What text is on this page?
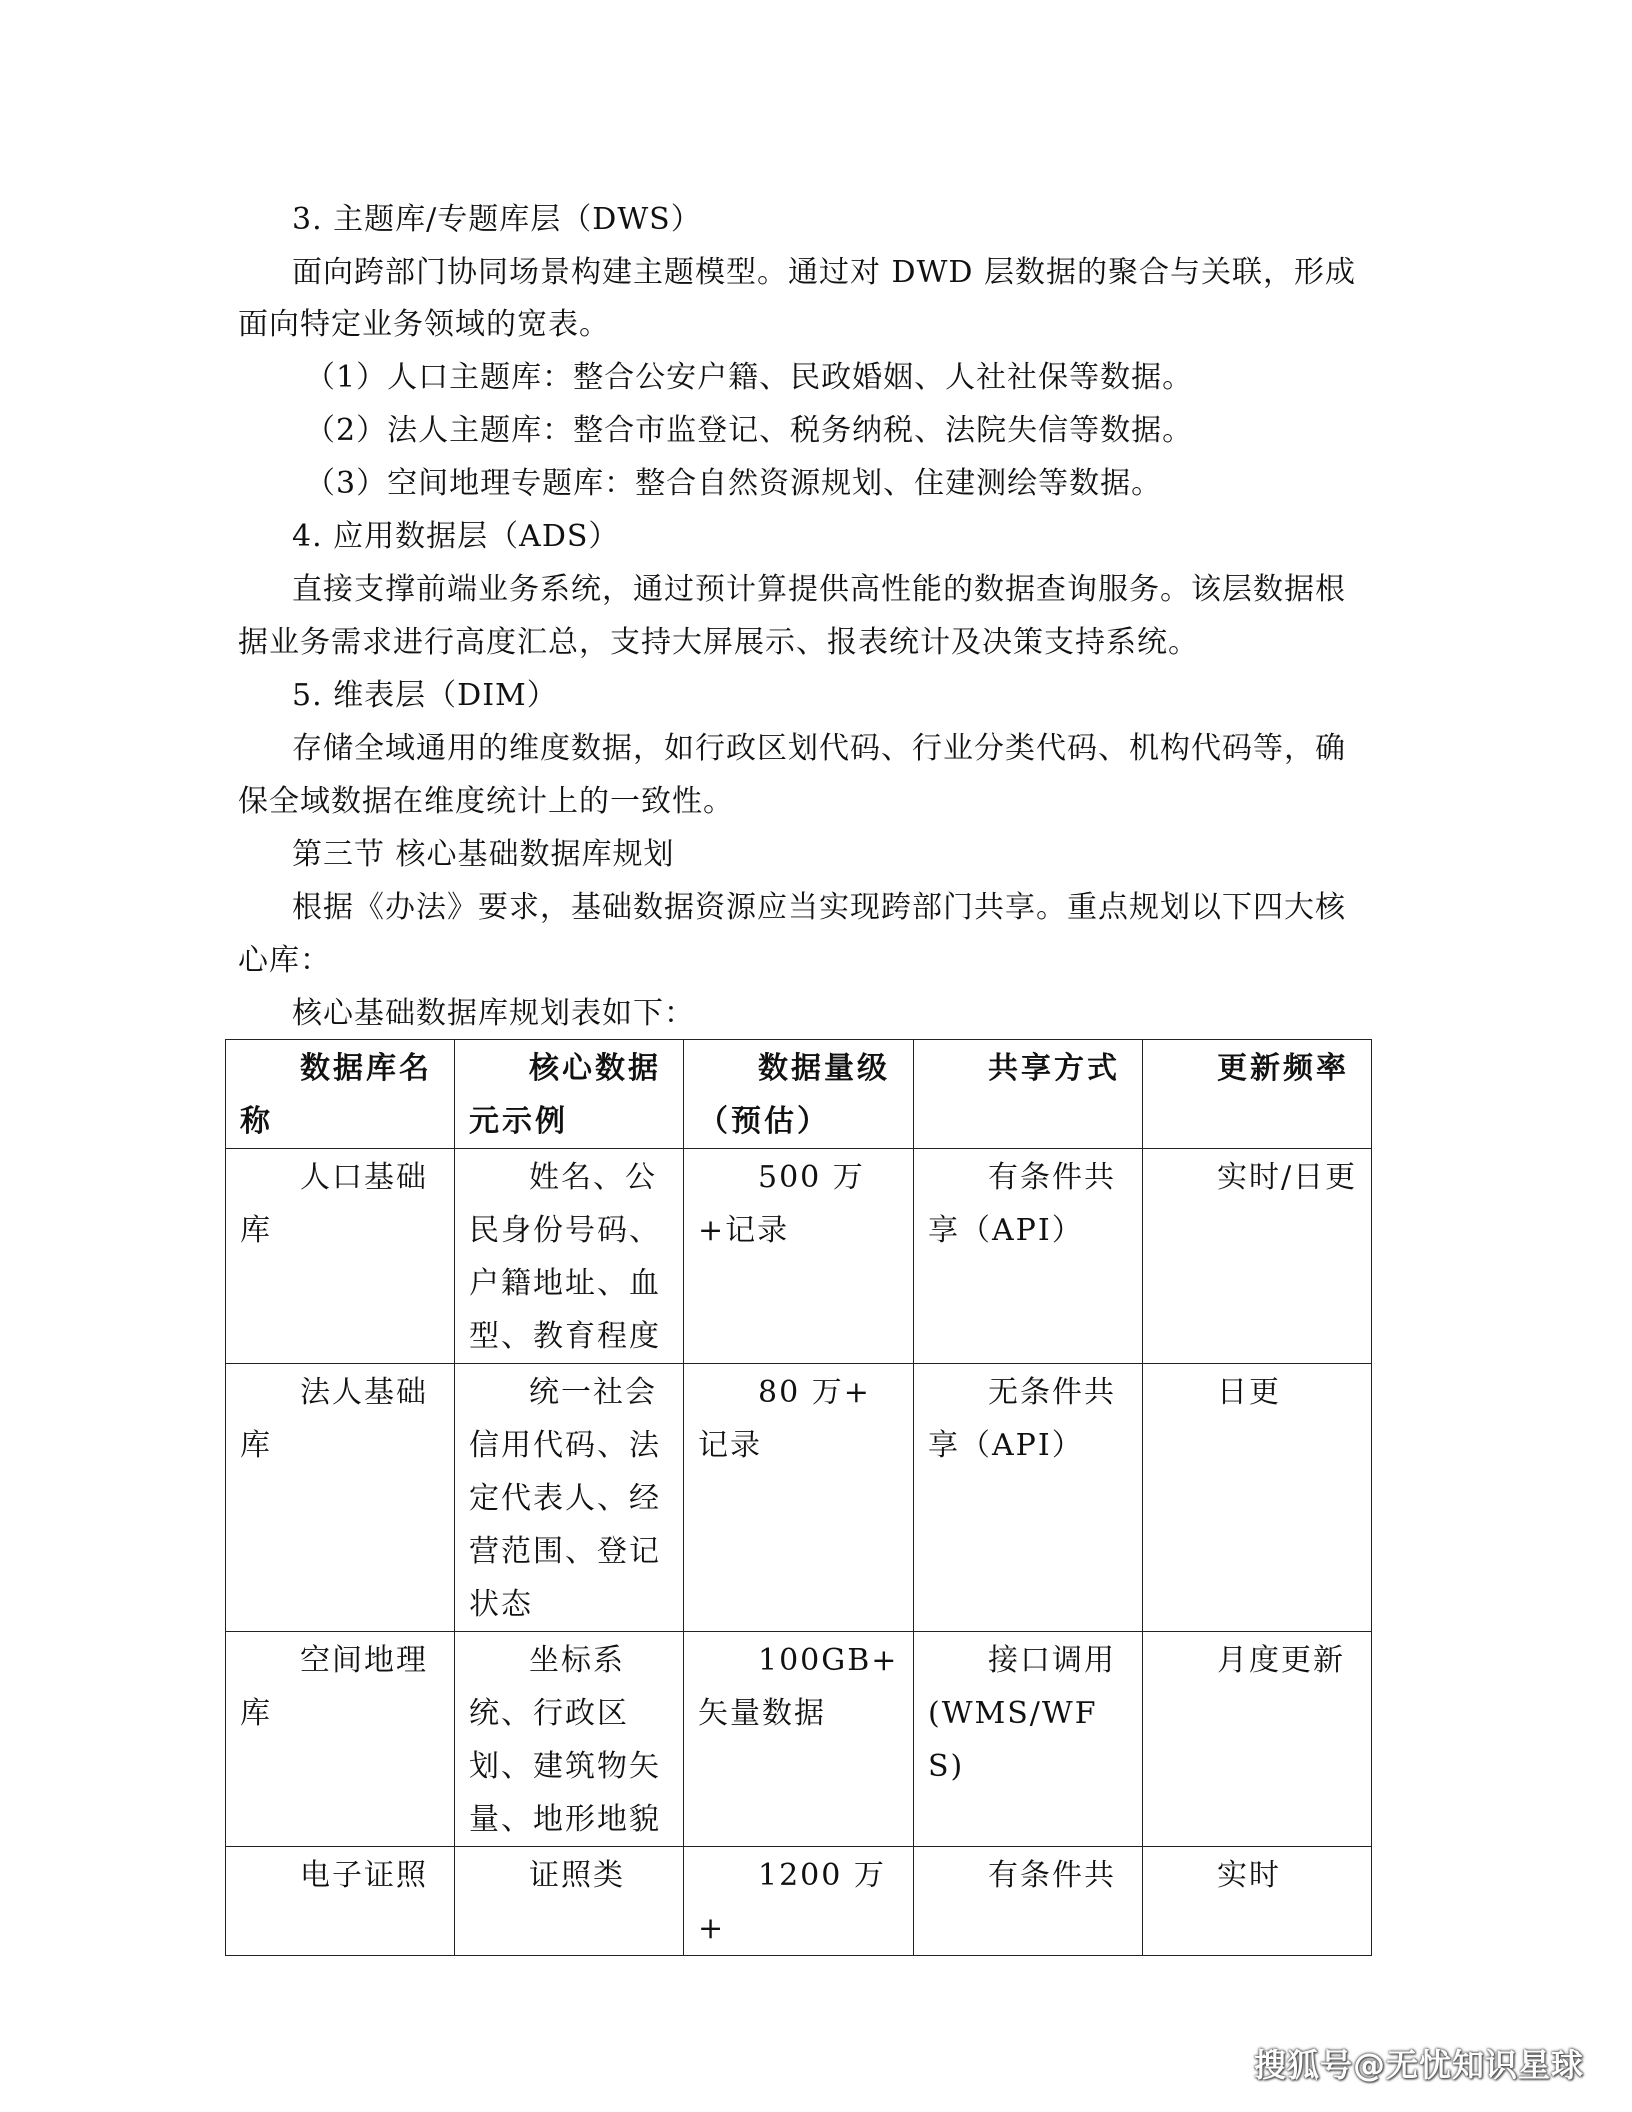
3. 主题库/专题库层（DWS）
面向跨部门协同场景构建主题模型。通过对 DWD 层数据的聚合与关联，形成
面向特定业务领域的宽表。
（1）人口主题库：整合公安户籍、民政婚姻、人社社保等数据。
（2）法人主题库：整合市监登记、税务纳税、法院失信等数据。
（3）空间地理专题库：整合自然资源规划、住建测绘等数据。
4. 应用数据层（ADS）
直接支撑前端业务系统，通过预计算提供高性能的数据查询服务。该层数据根
据业务需求进行高度汇总，支持大屏展示、报表统计及决策支持系统。
5. 维表层（DIM）
存储全域通用的维度数据，如行政区划代码、行业分类代码、机构代码等，确
保全域数据在维度统计上的一致性。
第三节 核心基础数据库规划
根据《办法》要求，基础数据资源应当实现跨部门共享。重点规划以下四大核
心库：
核心基础数据库规划表如下：
数据库名称	核心数据元示例	数据量级（预估）	共享方式	更新频率

人口基础库	姓名、公民身份号码、户籍地址、血型、教育程度	500 万+记录	有条件共享（API）	实时/日更

法人基础库	统一社会信用代码、法定代表人、经营范围、登记状态	80 万+ 记录	无条件共享（API）	日更

空间地理库	坐标系统、行政区划、建筑物矢量、地形地貌	100GB+ 矢量数据	接口调用(WMS/WFS)	月度更新

电子证照	证照类	1200 万+	有条件共	实时
搜狐号@无忧知识星球
